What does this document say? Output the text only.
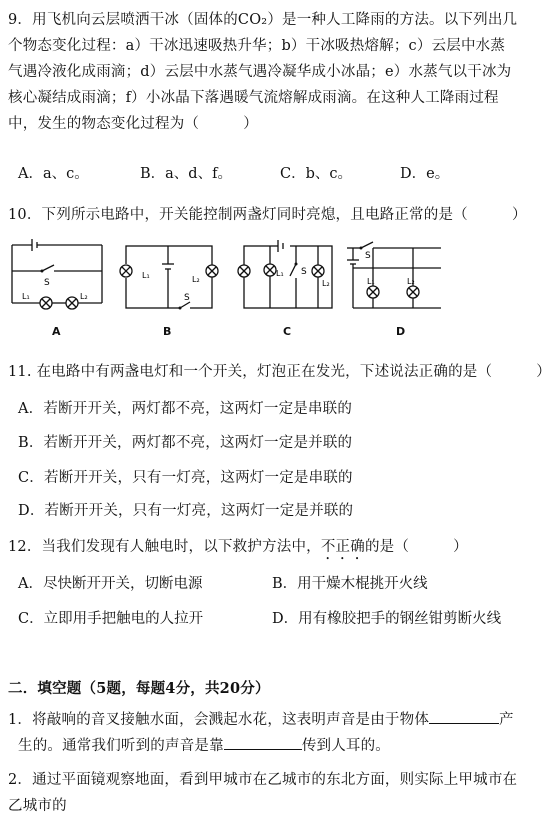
9．用飞机向云层喷洒干冰（固体的CO₂）是一种人工降雨的方法。以下列出几
个物态变化过程：a）干冰迅速吸热升华；b）干冰吸热熔解；c）云层中水蒸
气遇冷液化成雨滴；d）云层中水蒸气遇冷凝华成小冰晶；e）水蒸气以干冰为
核心凝结成雨滴；f）小冰晶下落遇暖气流熔解成雨滴。在这种人工降雨过程
中，发生的物态变化过程为（　　　）
A．a、c。	B．a、d、f。	C．b、c。	D．e。
10．下列所示电路中，开关能控制两盏灯同时亮熄，且电路正常的是（　　　）
S
L₁	L₂
A
L₁	L₂
S
B
L₁ S
L₂
C
S
L₁	L₂
D
11. 在电路中有两盏电灯和一个开关，灯泡正在发光，下述说法正确的是（　　　）
A．若断开开关，两灯都不亮，这两灯一定是串联的
B．若断开开关，两灯都不亮，这两灯一定是并联的
C．若断开开关，只有一灯亮，这两灯一定是串联的
D．若断开开关，只有一灯亮，这两灯一定是并联的
12．当我们发现有人触电时，以下救护方法中，不正确的是（　　　）
A．尽快断开开关，切断电源	B．用干燥木棍挑开火线
C．立即用手把触电的人拉开	D．用有橡胶把手的钢丝钳剪断火线
二．填空题（5题，每题4分，共20分）
1．将敲响的音叉接触水面，会溅起水花，这表明声音是由于物体	产
生的。通常我们听到的声音是靠	传到人耳的。
2．通过平面镜观察地面，看到甲城市在乙城市的东北方面，则实际上甲城市在
乙城市的
